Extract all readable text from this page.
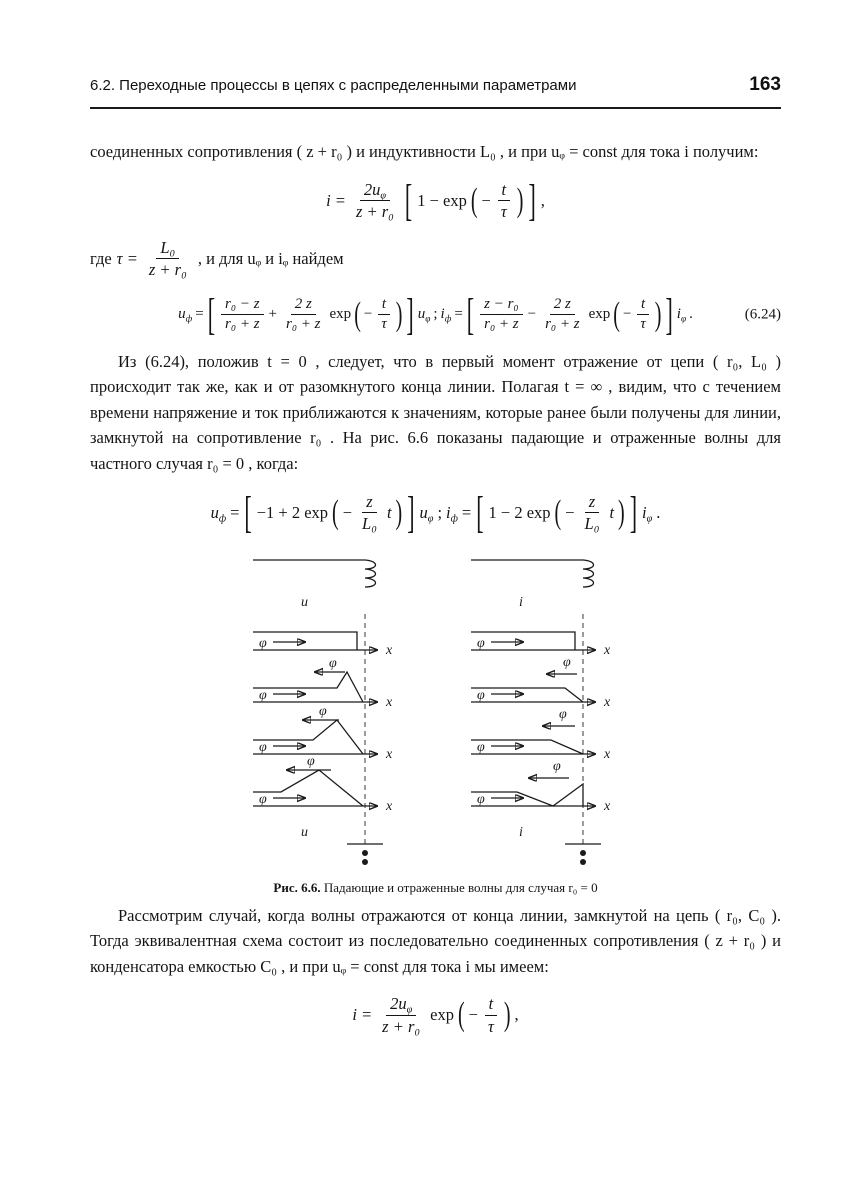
6.2. Переходные процессы в цепях с распределенными параметрами	163

соединенных сопротивления ( z + r₀ ) и индуктивности L₀ , и при uᵩ = const для тока i получим:

$i = \frac{2u_\varphi}{\text{z + r₀}}$ [ 1 − exp ( − $\frac{t}{\tau}$ ) ] ,
где $\tau = \frac{\text{L₀}}{\text{z + r₀}}$ , и для uᵩ и iᵩ найдем
$u_ф$ = [ $\frac{\text{r₀ − z}}{\text{r₀ + z}} + \frac{2 z}{\text{r₀ + z}}$ exp ( − $\frac{t}{\tau}$ ) ] $u_\varphi$ ; $i_ф$ = [ $\frac{\text{z − r₀}}{\text{r₀ + z}} - \frac{2 z}{\text{r₀ + z}}$ exp ( − $\frac{t}{\tau}$ ) ] $i_\varphi$ .	(6.24)

Из (6.24), положив t = 0 , следует, что в первый момент отражение от цепи ( r₀, L₀ ) происходит так же, как и от разомкнутого конца линии. Полагая t = ∞ , видим, что с течением времени напряжение и ток приближаются к значениям, которые ранее были получены для линии, замкнутой на сопротивление r₀ . На рис. 6.6 показаны падающие и отраженные волны для частного случая r₀ = 0 , когда:

$u_ф$ = [ −1 + 2 exp ( − $\frac{z}{\text{L₀}}$ t ) ] $u_\varphi$ ; $i_ф$ = [ 1 − 2 exp ( − $\frac{z}{\text{L₀}}$ t ) ] $i_\varphi$ .
u
x
φ
x
φ
φ
x
φ
φ
x
φ
φ
u
i
x
φ
x
φ
φ
x
φ
φ
x
φ
φ
i
Рис. 6.6. Падающие и отраженные волны для случая r₀ = 0

Рассмотрим случай, когда волны отражаются от конца линии, замкнутой на цепь ( r₀, C₀ ). Тогда эквивалентная схема состоит из последовательно соединенных сопротивления ( z + r₀ ) и конденсатора емкостью C₀ , и при uᵩ = const для тока i мы имеем:

$i = \frac{2u_\varphi}{\text{z + r₀}}$ exp ( − $\frac{t}{\tau}$ ) ,
